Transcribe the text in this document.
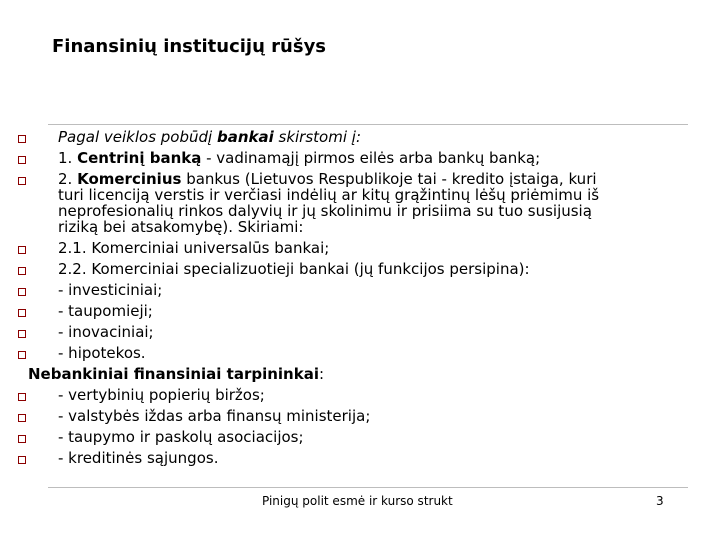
Finansinių institucijų rūšys
Pagal veiklos pobūdį bankai skirstomi į:
1. Centrinį banką - vadinamąjį pirmos eilės arba bankų banką;
2. Komercinius bankus (Lietuvos Respublikoje tai - kredito įstaiga, kuri
turi licenciją verstis ir verčiasi indėlių ar kitų grąžintinų lėšų priėmimu iš
neprofesionalių rinkos dalyvių ir jų skolinimu ir prisiima su tuo susijusią
riziką bei atsakomybę). Skiriami:
2.1. Komerciniai universalūs bankai;
2.2. Komerciniai specializuotieji bankai (jų funkcijos persipina):
- investiciniai;
- taupomieji;
- inovaciniai;
- hipotekos.
Nebankiniai finansiniai tarpininkai:
- vertybinių popierių biržos;
- valstybės iždas arba finansų ministerija;
- taupymo ir paskolų asociacijos;
- kreditinės sąjungos.
Pinigų polit esmė ir kurso strukt	3
